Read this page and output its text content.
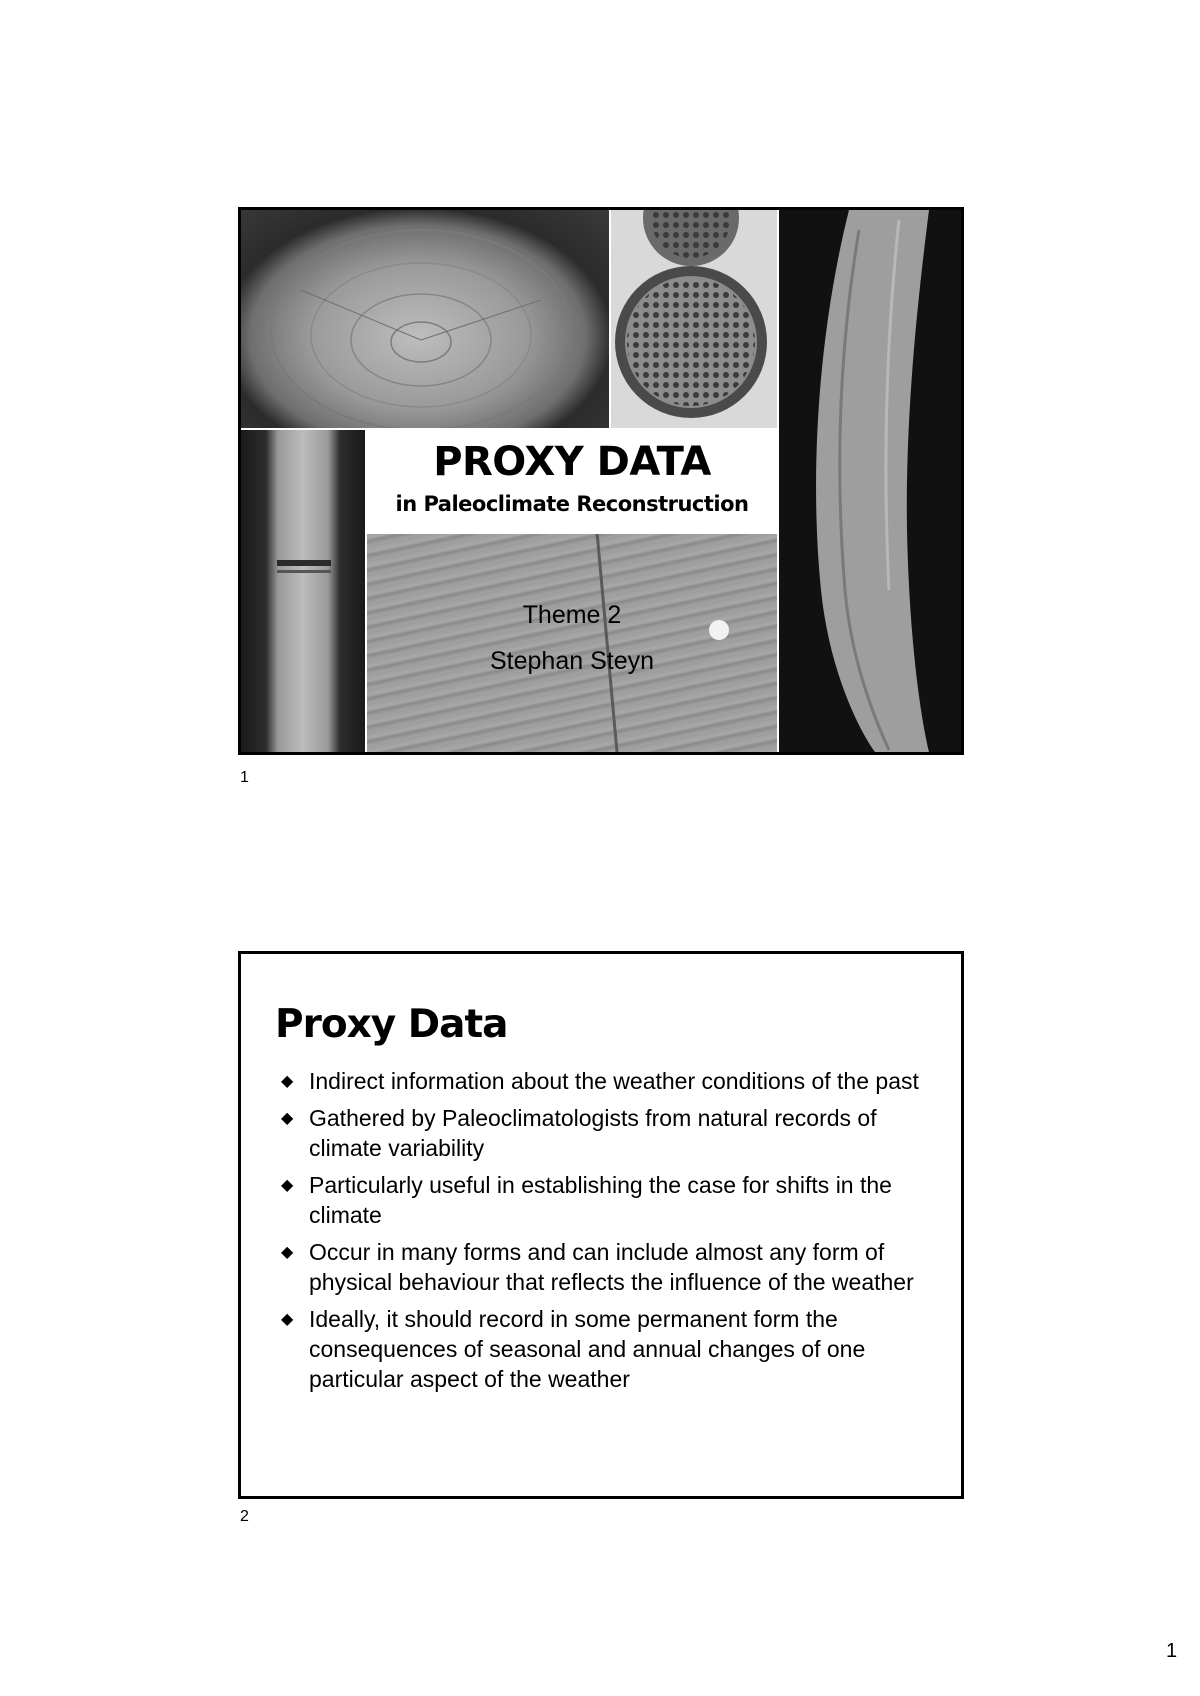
PROXY DATA
in Paleoclimate Reconstruction
Theme 2
Stephan Steyn
1
Proxy Data
◆ Indirect information about the weather conditions of the past
◆ Gathered by Paleoclimatologists from natural records of climate variability
◆ Particularly useful in establishing the case for shifts in the climate
◆ Occur in many forms and can include almost any form of physical behaviour that reflects the influence of the weather
◆ Ideally, it should record in some permanent form the consequences of seasonal and annual changes of one particular aspect of the weather
2
1
